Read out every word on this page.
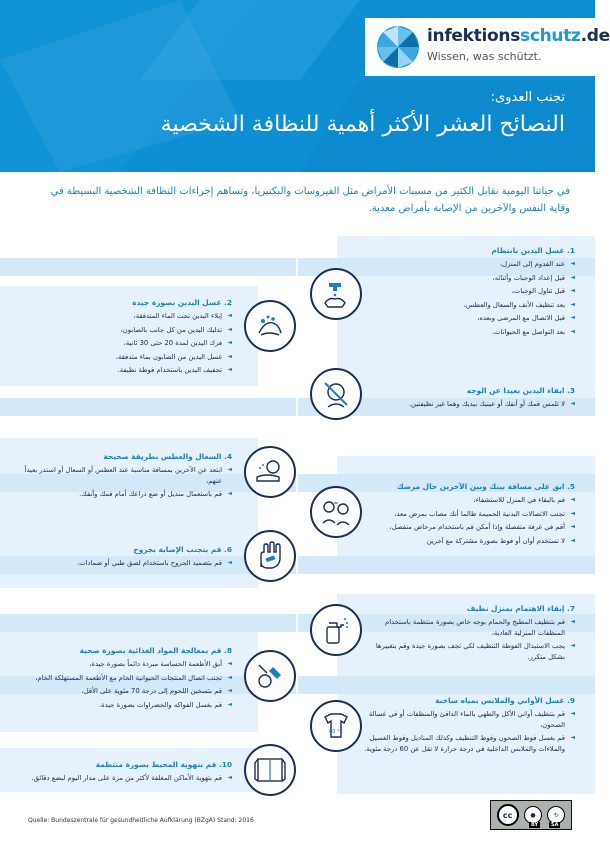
infektionsschutz.de
Wissen, was schützt.
تجنب العدوى:
النصائح العشر الأكثر أهمية للنظافة الشخصية
في حياتنا اليومية نقابل الكثير من مسببات الأمراض مثل الفيروسات والبكتيريا، وتساهم إجراءات النظافة الشخصية البسيطة في وقاية النفس والآخرين من الإصابة بأمراض معدية.
60 °C
1. غسل اليدين بانتظام
◄ عند القدوم إلى المنزل،
◄ قبل إعداد الوجبات وأثنائه،
◄ قبل تناول الوجبات،
◄ بعد تنظيف الأنف والسعال والعطس،
◄ قبل الاتصال مع المرضى وبعده،
◄ بعد التواصل مع الحيوانات.
2. غسل اليدين بصورة جيدة
◄ إبلاء اليدين تحت الماء المتدفقة،
◄ تدليك اليدين من كل جانب بالصابون،
◄ فرك اليدين لمدة 20 حتى 30 ثانية،
◄ غسل اليدين من الصابون بماء متدفقة،
◄ تجفيف اليدين باستخدام فوطة نظيفة.
3. ابقاء اليدين بعيدا عن الوجه
◄ لا تلمس فمك أو أنفك أو عينيك بيديك وهما غير نظيفتين.
4. السعال والعطس بطريقة صحيحة
◄ ابتعد عن الآخرين بمسافة مناسبة عند العطس أو السعال أو استدر بعيداً عنهم،
◄ قم باستعمال منديل أو ضع ذراعك أمام فمك وأنفك.
5. ابق على مسافة بينك وبين الآخرين حال مرضك
◄ قم بالبقاء في المنزل للاستشفاء،
◄ تجنب الاتصالات البدنية الحميمة طالما أنك مصاب بمرض معد،
◄ أقم في غرفة منفصلة وإذا أمكن قم باستخدام مرحاض منفصل،
◄ لا تستخدم أوان أو فوط بصورة مشتركة مع آخرين
6. قم بتجنب الإصابة بجروح
◄ قم بتضميد الجروح باستخدام لصق طبي أو ضمادات.
7. إبقاء الاهتمام بمنزل نظيف
◄ قم بتنظيف المطبخ والحمام بوجه خاص بصورة منتظمة باستخدام المنظفات المنزلية العادية،
◄ يجب الاستبدال الفوطة التنظيف لكي تجف بصورة جيدة وقم بتغييرها بشكل متكرر.
8. قم بمعالجة المواد الغذائية بصورة صحية
◄ أبق الأطعمة الحساسة مبردة دائماً بصورة جيدة،
◄ تجنب اتصال المنتجات الحيوانية الخام مع الأطعمة المستهلكة الخام،
◄ قم بتسخين اللحوم إلى درجة 70 مئوية على الأقل،
◄ قم بغسل الفواكه والخضراوات بصورة جيدة.	9. غسل الأواني والملابس بمياه ساخنة
◄ قم بتنظيف أواني الأكل والطهي بالماء الدافئ والمنظفات أو في غسالة الصحون،
◄ قم بغسل فوط الصحون وفوط التنظيف وكذلك المناديل وفوط الغسيل والملاءات والملابس الداخلية في درجة حرارة لا تقل عن 60 درجة مئوية.
10. قم بتهوية المحيط بصورة منتظمة
◄ قم بتهوية الأماكن المغلقة لأكثر من مرة على مدار اليوم لبضع دقائق.
Quelle: Bundeszentrale für gesundheitliche Aufklärung (BZgA) Stand: 2016
cc	●	↻
BY	SA
